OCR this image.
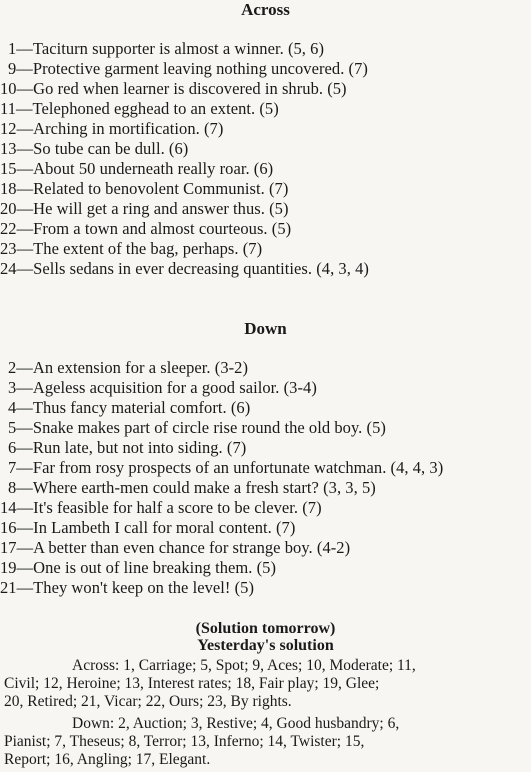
Across
1—Taciturn supporter is almost a winner. (5, 6)
9—Protective garment leaving nothing uncovered. (7)
10—Go red when learner is discovered in shrub. (5)
11—Telephoned egghead to an extent. (5)
12—Arching in mortification. (7)
13—So tube can be dull. (6)
15—About 50 underneath really roar. (6)
18—Related to benovolent Communist. (7)
20—He will get a ring and answer thus. (5)
22—From a town and almost courteous. (5)
23—The extent of the bag, perhaps. (7)
24—Sells sedans in ever decreasing quantities. (4, 3, 4)
Down
2—An extension for a sleeper. (3-2)
3—Ageless acquisition for a good sailor. (3-4)
4—Thus fancy material comfort. (6)
5—Snake makes part of circle rise round the old boy. (5)
6—Run late, but not into siding. (7)
7—Far from rosy prospects of an unfortunate watchman. (4, 4, 3)
8—Where earth-men could make a fresh start? (3, 3, 5)
14—It's feasible for half a score to be clever. (7)
16—In Lambeth I call for moral content. (7)
17—A better than even chance for strange boy. (4-2)
19—One is out of line breaking them. (5)
21—They won't keep on the level! (5)
(Solution tomorrow)
Yesterday's solution
Across: 1, Carriage; 5, Spot; 9, Aces; 10, Moderate; 11,
Civil; 12, Heroine; 13, Interest rates; 18, Fair play; 19, Glee;
20, Retired; 21, Vicar; 22, Ours; 23, By rights.
Down: 2, Auction; 3, Restive; 4, Good husbandry; 6,
Pianist; 7, Theseus; 8, Terror; 13, Inferno; 14, Twister; 15,
Report; 16, Angling; 17, Elegant.
